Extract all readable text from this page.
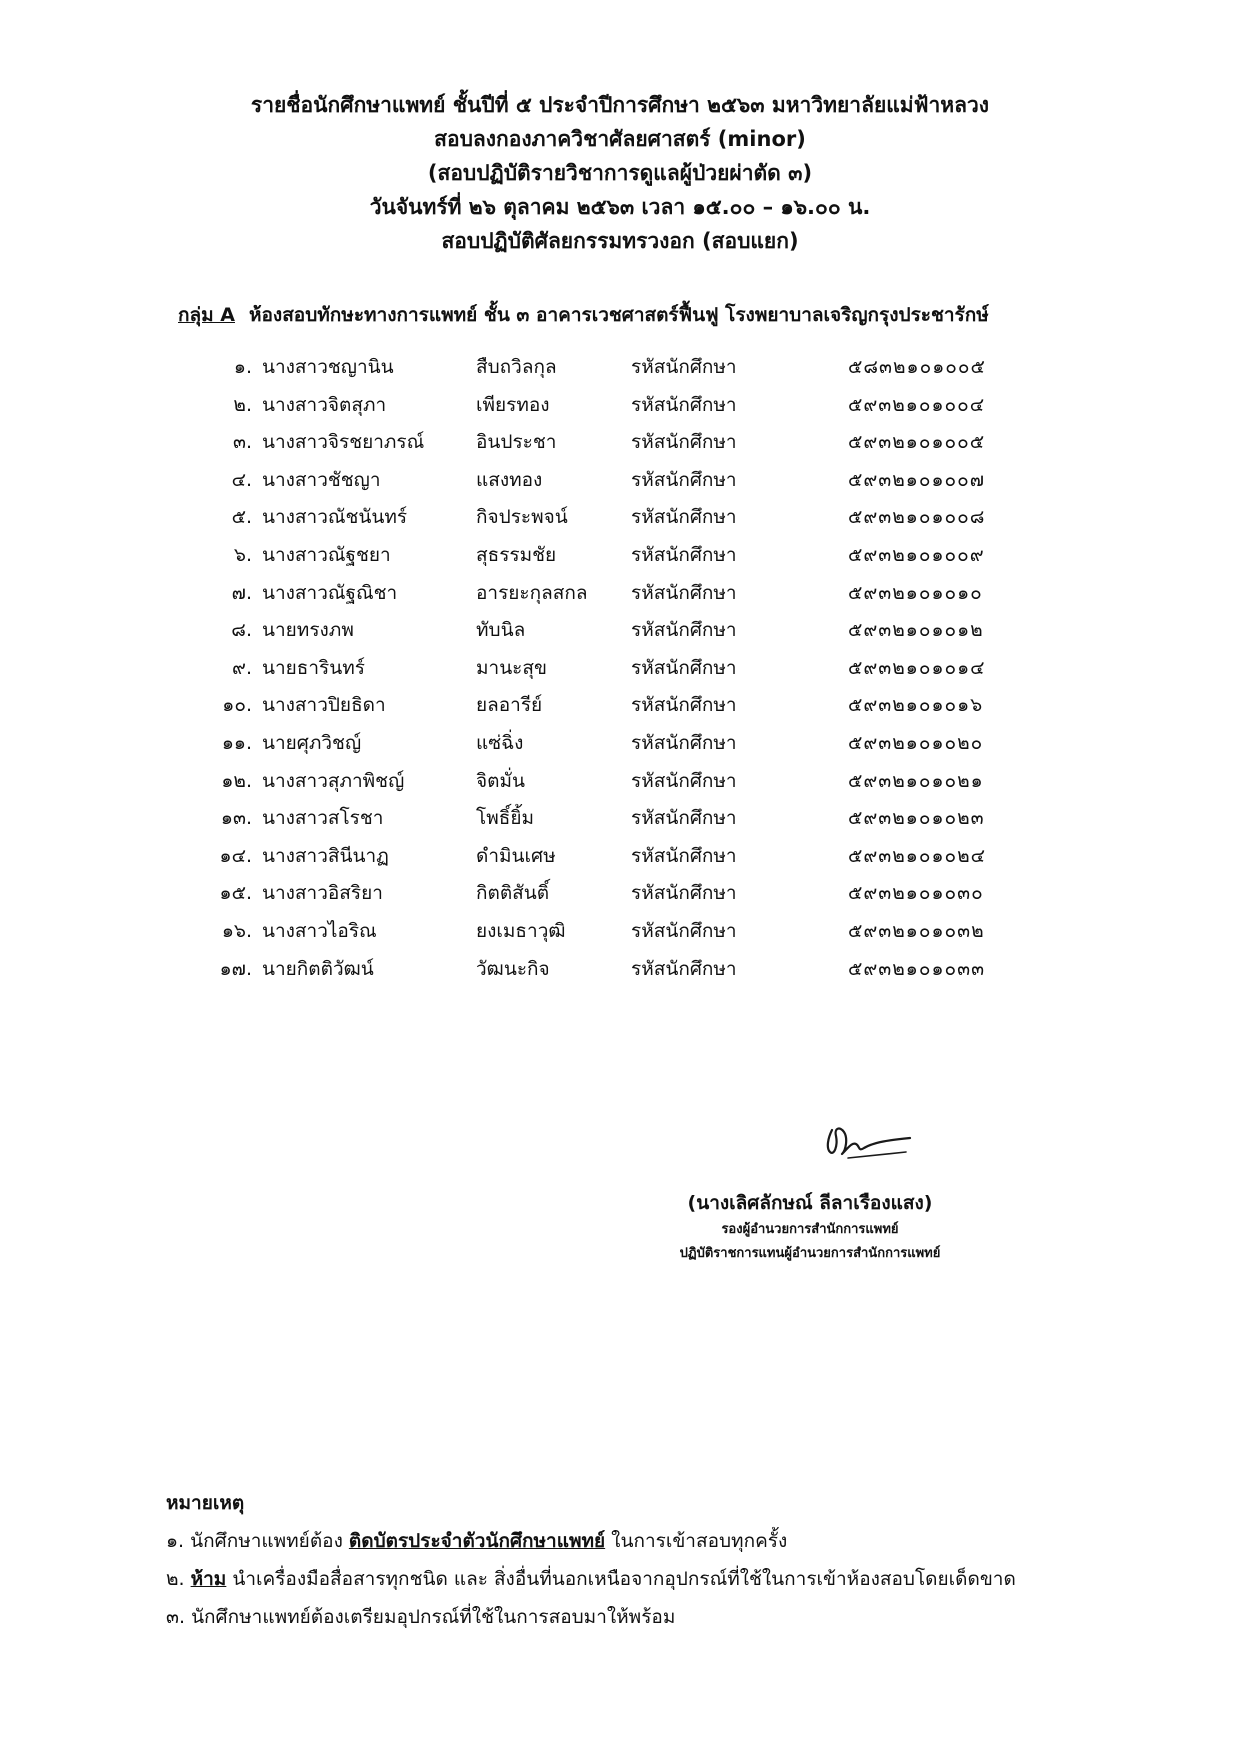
รายชื่อนักศึกษาแพทย์ ชั้นปีที่ ๕ ประจำปีการศึกษา ๒๕๖๓ มหาวิทยาลัยแม่ฟ้าหลวง
สอบลงกองภาควิชาศัลยศาสตร์ (minor)
(สอบปฏิบัติรายวิชาการดูแลผู้ป่วยผ่าตัด ๓)
วันจันทร์ที่ ๒๖ ตุลาคม ๒๕๖๓ เวลา ๑๕.๐๐ – ๑๖.๐๐ น.
สอบปฏิบัติศัลยกรรมทรวงอก (สอบแยก)
กลุ่ม A ห้องสอบทักษะทางการแพทย์ ชั้น ๓ อาคารเวชศาสตร์ฟื้นฟู โรงพยาบาลเจริญกรุงประชารักษ์
๑. นางสาวชญานิน	สืบถวิลกุล	รหัสนักศึกษา	๕๘๓๒๑๐๑๐๐๕
๒. นางสาวจิตสุภา	เพียรทอง	รหัสนักศึกษา	๕๙๓๒๑๐๑๐๐๔
๓. นางสาวจิรชยาภรณ์	อินประชา	รหัสนักศึกษา	๕๙๓๒๑๐๑๐๐๕
๔. นางสาวชัชญา	แสงทอง	รหัสนักศึกษา	๕๙๓๒๑๐๑๐๐๗
๕. นางสาวณัชนันทร์	กิจประพจน์	รหัสนักศึกษา	๕๙๓๒๑๐๑๐๐๘
๖. นางสาวณัฐชยา	สุธรรมชัย	รหัสนักศึกษา	๕๙๓๒๑๐๑๐๐๙
๗. นางสาวณัฐณิชา	อารยะกุลสกล รหัสนักศึกษา	๕๙๓๒๑๐๑๐๑๐
๘. นายทรงภพ	ทับนิล	รหัสนักศึกษา	๕๙๓๒๑๐๑๐๑๒
๙. นายธารินทร์	มานะสุข	รหัสนักศึกษา	๕๙๓๒๑๐๑๐๑๔
๑๐. นางสาวปิยธิดา	ยลอารีย์	รหัสนักศึกษา	๕๙๓๒๑๐๑๐๑๖
๑๑. นายศุภวิชญ์	แซ่ฉิ่ง	รหัสนักศึกษา	๕๙๓๒๑๐๑๐๒๐
๑๒. นางสาวสุภาพิชญ์	จิตมั่น	รหัสนักศึกษา	๕๙๓๒๑๐๑๐๒๑
๑๓. นางสาวสโรชา	โพธิ์ยิ้ม	รหัสนักศึกษา	๕๙๓๒๑๐๑๐๒๓
๑๔. นางสาวสินีนาฏ	ดำมินเศษ	รหัสนักศึกษา	๕๙๓๒๑๐๑๐๒๔
๑๕. นางสาวอิสริยา	กิตติสันติ์	รหัสนักศึกษา	๕๙๓๒๑๐๑๐๓๐
๑๖. นางสาวไอริณ	ยงเมธาวุฒิ	รหัสนักศึกษา	๕๙๓๒๑๐๑๐๓๒
๑๗. นายกิตติวัฒน์	วัฒนะกิจ	รหัสนักศึกษา	๕๙๓๒๑๐๑๐๓๓
(นางเลิศลักษณ์ ลีลาเรืองแสง)
รองผู้อำนวยการสำนักการแพทย์
ปฏิบัติราชการแทนผู้อำนวยการสำนักการแพทย์
หมายเหตุ
๑. นักศึกษาแพทย์ต้อง ติดบัตรประจำตัวนักศึกษาแพทย์ ในการเข้าสอบทุกครั้ง
๒. ห้าม นำเครื่องมือสื่อสารทุกชนิด และ สิ่งอื่นที่นอกเหนือจากอุปกรณ์ที่ใช้ในการเข้าห้องสอบโดยเด็ดขาด
๓. นักศึกษาแพทย์ต้องเตรียมอุปกรณ์ที่ใช้ในการสอบมาให้พร้อม
